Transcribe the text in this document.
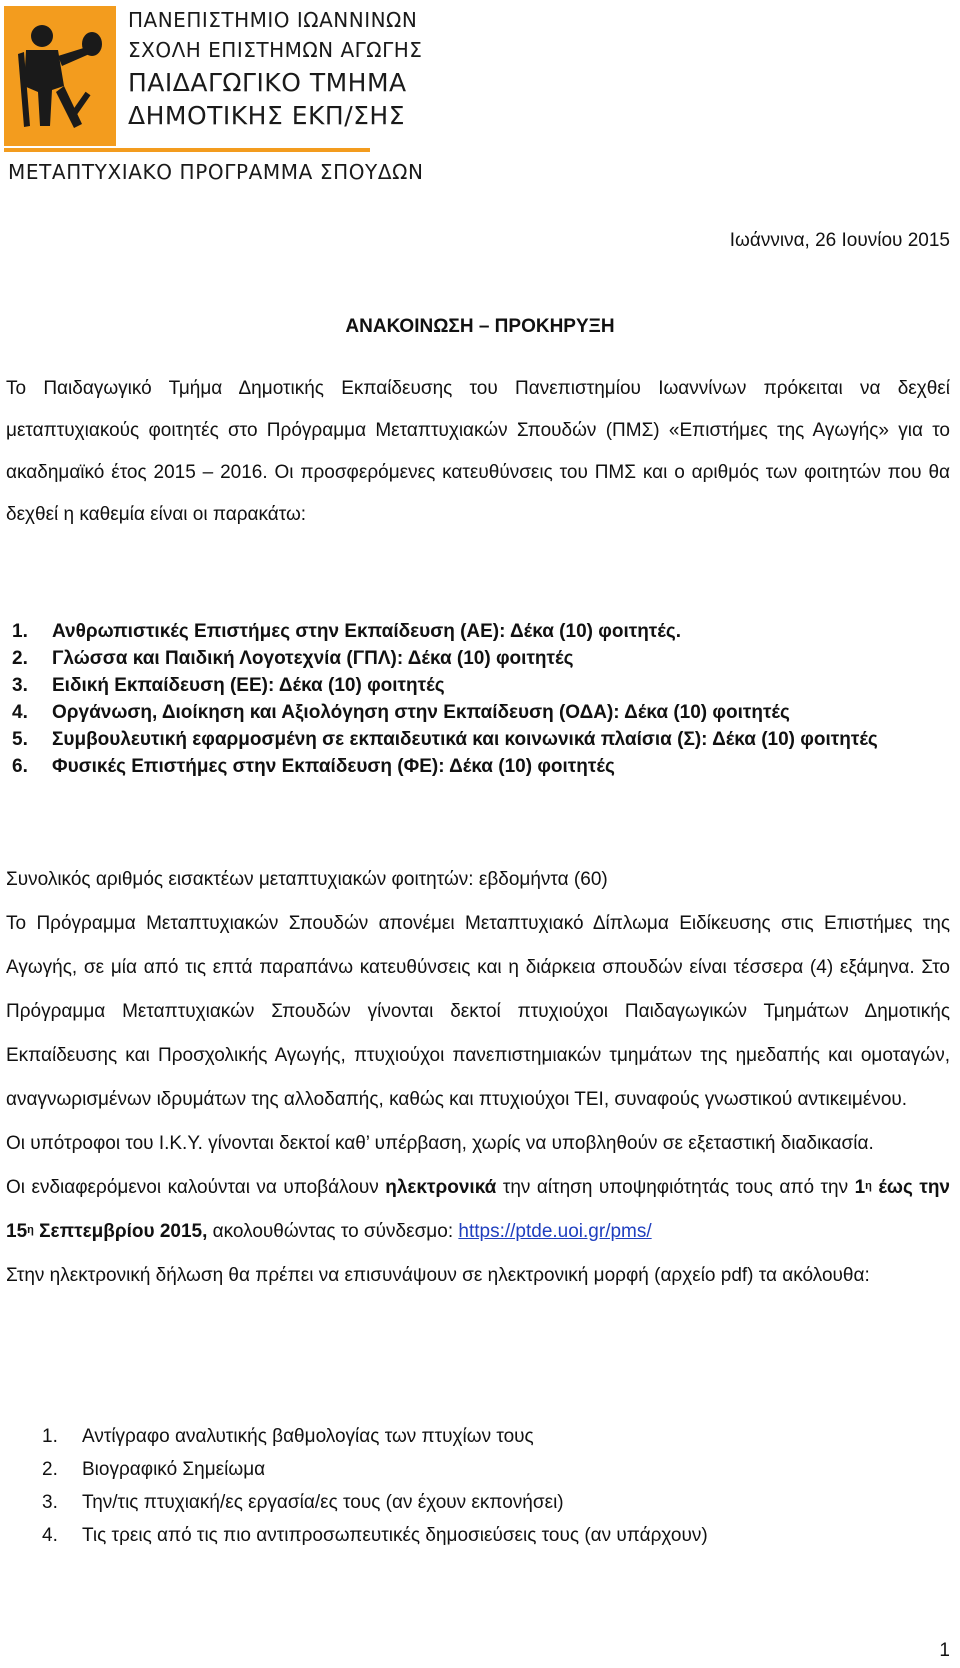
ΠΑΝΕΠΙΣΤΗΜΙΟ ΙΩΑΝΝΙΝΩΝ
ΣΧΟΛΗ ΕΠΙΣΤΗΜΩΝ ΑΓΩΓΗΣ
ΠΑΙΔΑΓΩΓΙΚΟ ΤΜΗΜΑ
ΔΗΜΟΤΙΚΗΣ ΕΚΠ/ΣΗΣ
ΜΕΤΑΠΤΥΧΙΑΚΟ ΠΡΟΓΡΑΜΜΑ ΣΠΟΥΔΩΝ
Ιωάννινα, 26 Ιουνίου 2015
ΑΝΑΚΟΙΝΩΣΗ – ΠΡΟΚΗΡΥΞΗ
Το Παιδαγωγικό Τμήμα Δημοτικής Εκπαίδευσης του Πανεπιστημίου Ιωαννίνων πρόκειται να δεχθεί μεταπτυχιακούς φοιτητές στο Πρόγραμμα Μεταπτυχιακών Σπουδών (ΠΜΣ) «Επιστήμες της Αγωγής» για το ακαδημαϊκό έτος 2015 – 2016. Οι προσφερόμενες κατευθύνσεις του ΠΜΣ και ο αριθμός των φοιτητών που θα δεχθεί η καθεμία είναι οι παρακάτω:
1. Ανθρωπιστικές Επιστήμες στην Εκπαίδευση (ΑΕ): Δέκα (10) φοιτητές.
2. Γλώσσα και Παιδική Λογοτεχνία (ΓΠΛ): Δέκα (10) φοιτητές
3. Ειδική Εκπαίδευση (ΕΕ): Δέκα (10) φοιτητές
4. Οργάνωση, Διοίκηση και Αξιολόγηση στην Εκπαίδευση (ΟΔΑ): Δέκα (10) φοιτητές
5. Συμβουλευτική εφαρμοσμένη σε εκπαιδευτικά και κοινωνικά πλαίσια (Σ): Δέκα (10) φοιτητές
6. Φυσικές Επιστήμες στην Εκπαίδευση (ΦΕ): Δέκα (10) φοιτητές
Συνολικός αριθμός εισακτέων μεταπτυχιακών φοιτητών: εβδομήντα (60)
Το Πρόγραμμα Μεταπτυχιακών Σπουδών απονέμει Μεταπτυχιακό Δίπλωμα Ειδίκευσης στις Επιστήμες της Αγωγής, σε μία από τις επτά παραπάνω κατευθύνσεις και η διάρκεια σπουδών είναι τέσσερα (4) εξάμηνα. Στο Πρόγραμμα Μεταπτυχιακών Σπουδών γίνονται δεκτοί πτυχιούχοι Παιδαγωγικών Τμημάτων Δημοτικής Εκπαίδευσης και Προσχολικής Αγωγής, πτυχιούχοι πανεπιστημιακών τμημάτων της ημεδαπής και ομοταγών, αναγνωρισμένων ιδρυμάτων της αλλοδαπής, καθώς και πτυχιούχοι ΤΕΙ, συναφούς γνωστικού αντικειμένου.
Οι υπότροφοι του Ι.Κ.Υ. γίνονται δεκτοί καθ’ υπέρβαση, χωρίς να υποβληθούν σε εξεταστική διαδικασία.
Οι ενδιαφερόμενοι καλούνται να υποβάλουν ηλεκτρονικά την αίτηση υποψηφιότητάς τους από την $1^\eta$ έως την $15^\eta$ Σεπτεμβρίου 2015, ακολουθώντας το σύνδεσμο: https://ptde.uoi.gr/pms/
Στην ηλεκτρονική δήλωση θα πρέπει να επισυνάψουν σε ηλεκτρονική μορφή (αρχείο pdf) τα ακόλουθα:
1. Αντίγραφο αναλυτικής βαθμολογίας των πτυχίων τους
2. Βιογραφικό Σημείωμα
3. Την/τις πτυχιακή/ες εργασία/ες τους (αν έχουν εκπονήσει)
4. Τις τρεις από τις πιο αντιπροσωπευτικές δημοσιεύσεις τους (αν υπάρχουν)
1
